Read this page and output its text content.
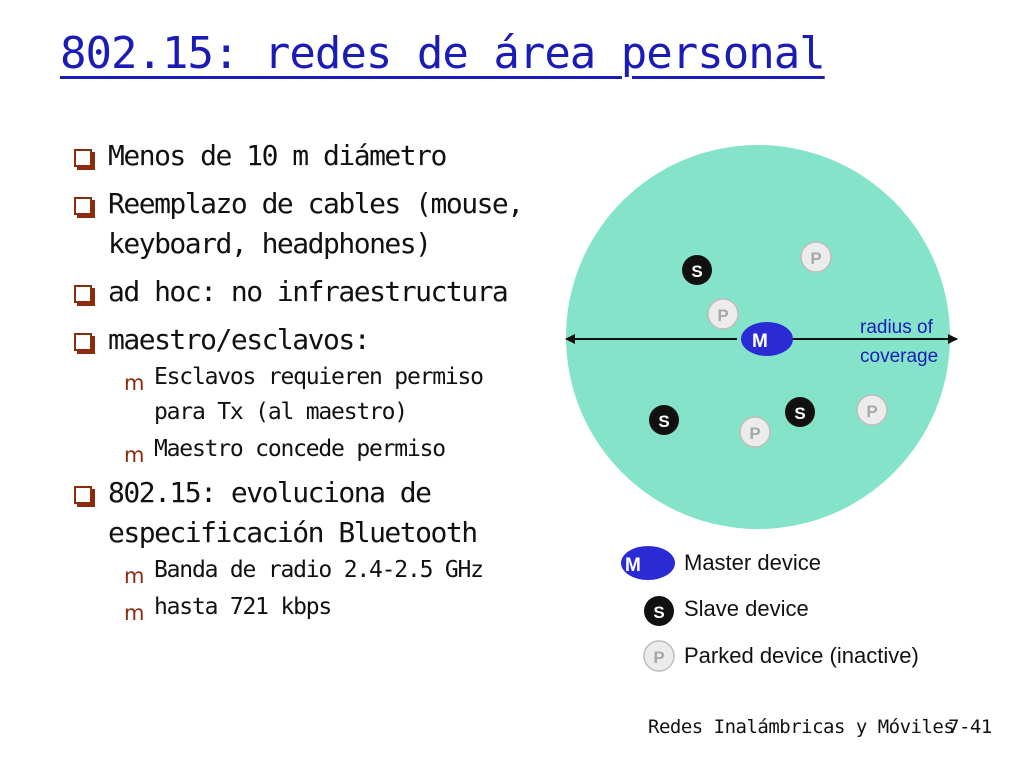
802.15: redes de área personal
Menos de 10 m diámetro
Reemplazo de cables (mouse, keyboard, headphones)
ad hoc: no infraestructura
maestro/esclavos:
m Esclavos requieren permiso para Tx (al maestro)
m Maestro concede permiso
802.15: evoluciona de especificación Bluetooth
m Banda de radio 2.4-2.5 GHz
m hasta 721 kbps
radius of
coverage
M
S
S	S
P
P
P
P
M Master device
S Slave device
P Parked device (inactive)
Redes Inalámbricas y Móviles
7-41
